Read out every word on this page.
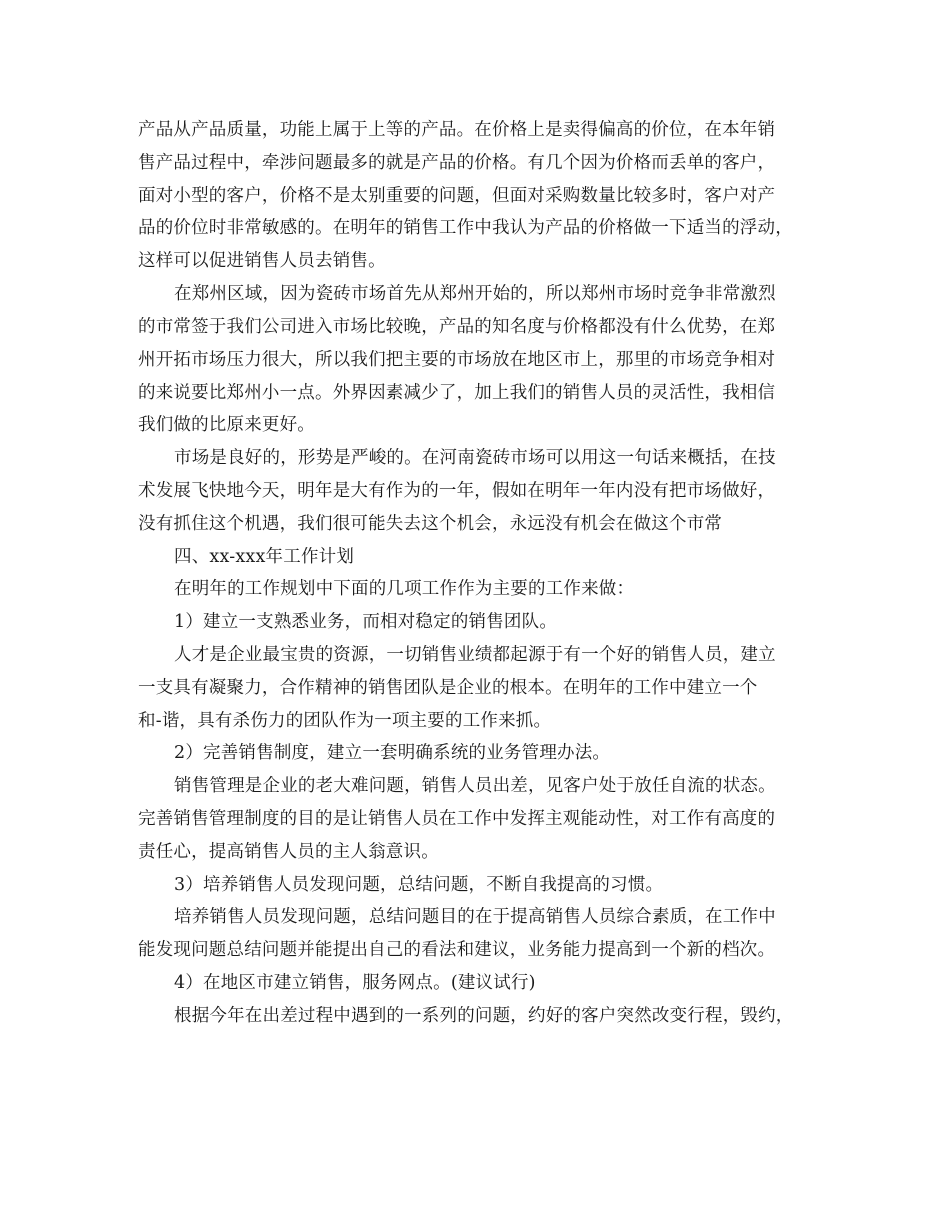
产品从产品质量，功能上属于上等的产品。在价格上是卖得偏高的价位，在本年销
售产品过程中，牵涉问题最多的就是产品的价格。有几个因为价格而丢单的客户，
面对小型的客户，价格不是太别重要的问题，但面对采购数量比较多时，客户对产
品的价位时非常敏感的。在明年的销售工作中我认为产品的价格做一下适当的浮动，
这样可以促进销售人员去销售。
在郑州区域，因为瓷砖市场首先从郑州开始的，所以郑州市场时竞争非常激烈
的市常签于我们公司进入市场比较晚，产品的知名度与价格都没有什么优势，在郑
州开拓市场压力很大，所以我们把主要的市场放在地区市上，那里的市场竞争相对
的来说要比郑州小一点。外界因素减少了，加上我们的销售人员的灵活性，我相信
我们做的比原来更好。
市场是良好的，形势是严峻的。在河南瓷砖市场可以用这一句话来概括，在技
术发展飞快地今天，明年是大有作为的一年，假如在明年一年内没有把市场做好，
没有抓住这个机遇，我们很可能失去这个机会，永远没有机会在做这个市常
四、xx-xxx年工作计划
在明年的工作规划中下面的几项工作作为主要的工作来做：
1）建立一支熟悉业务，而相对稳定的销售团队。
人才是企业最宝贵的资源，一切销售业绩都起源于有一个好的销售人员，建立
一支具有凝聚力，合作精神的销售团队是企业的根本。在明年的工作中建立一个
和-谐，具有杀伤力的团队作为一项主要的工作来抓。
2）完善销售制度，建立一套明确系统的业务管理办法。
销售管理是企业的老大难问题，销售人员出差，见客户处于放任自流的状态。
完善销售管理制度的目的是让销售人员在工作中发挥主观能动性，对工作有高度的
责任心，提高销售人员的主人翁意识。
3）培养销售人员发现问题，总结问题，不断自我提高的习惯。
培养销售人员发现问题，总结问题目的在于提高销售人员综合素质，在工作中
能发现问题总结问题并能提出自己的看法和建议，业务能力提高到一个新的档次。
4）在地区市建立销售，服务网点。(建议试行)
根据今年在出差过程中遇到的一系列的问题，约好的客户突然改变行程，毁约，
